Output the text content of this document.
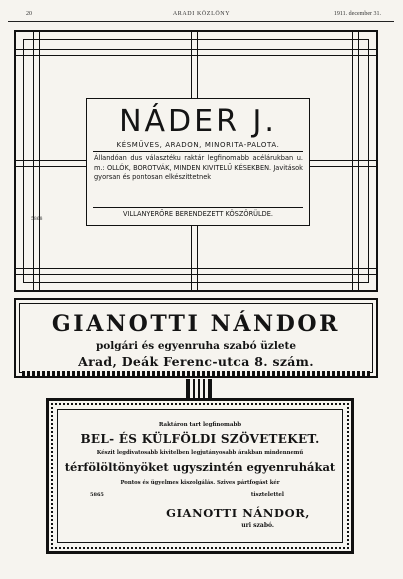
20	ARADI KÖZLÖNY	1911. december 31.
NÁDER J.
KÉSMŰVES, ARADON, MINORITA-PALOTA.
Állandóan dus választéku raktár legfinomabb acélárukban u. m.: OLLÓK, BOROTVÁK, MINDEN KIVITELŰ KÉSEKBEN. Javitások gyorsan és pontosan elkészittetnek
VILLANYERŐRE BERENDEZETT KÖSZÖRÜLDE.
5868
GIANOTTI NÁNDOR
polgári és egyenruha szabó üzlete
Arad, Deák Ferenc-utca 8. szám.
Raktáron tart legfinomabb
BEL- ÉS KÜLFÖLDI SZÖVETEKET.
Készit legdivatosabb kivitelben legjutányosabb árakban mindennemű
térfölöltönyöket ugyszintén egyenruhákat
Pontos és ügyelmes kiszolgálás. Szives pártfogást kér
5865	tisztelettel
GIANOTTI NÁNDOR,
uri szabó.
